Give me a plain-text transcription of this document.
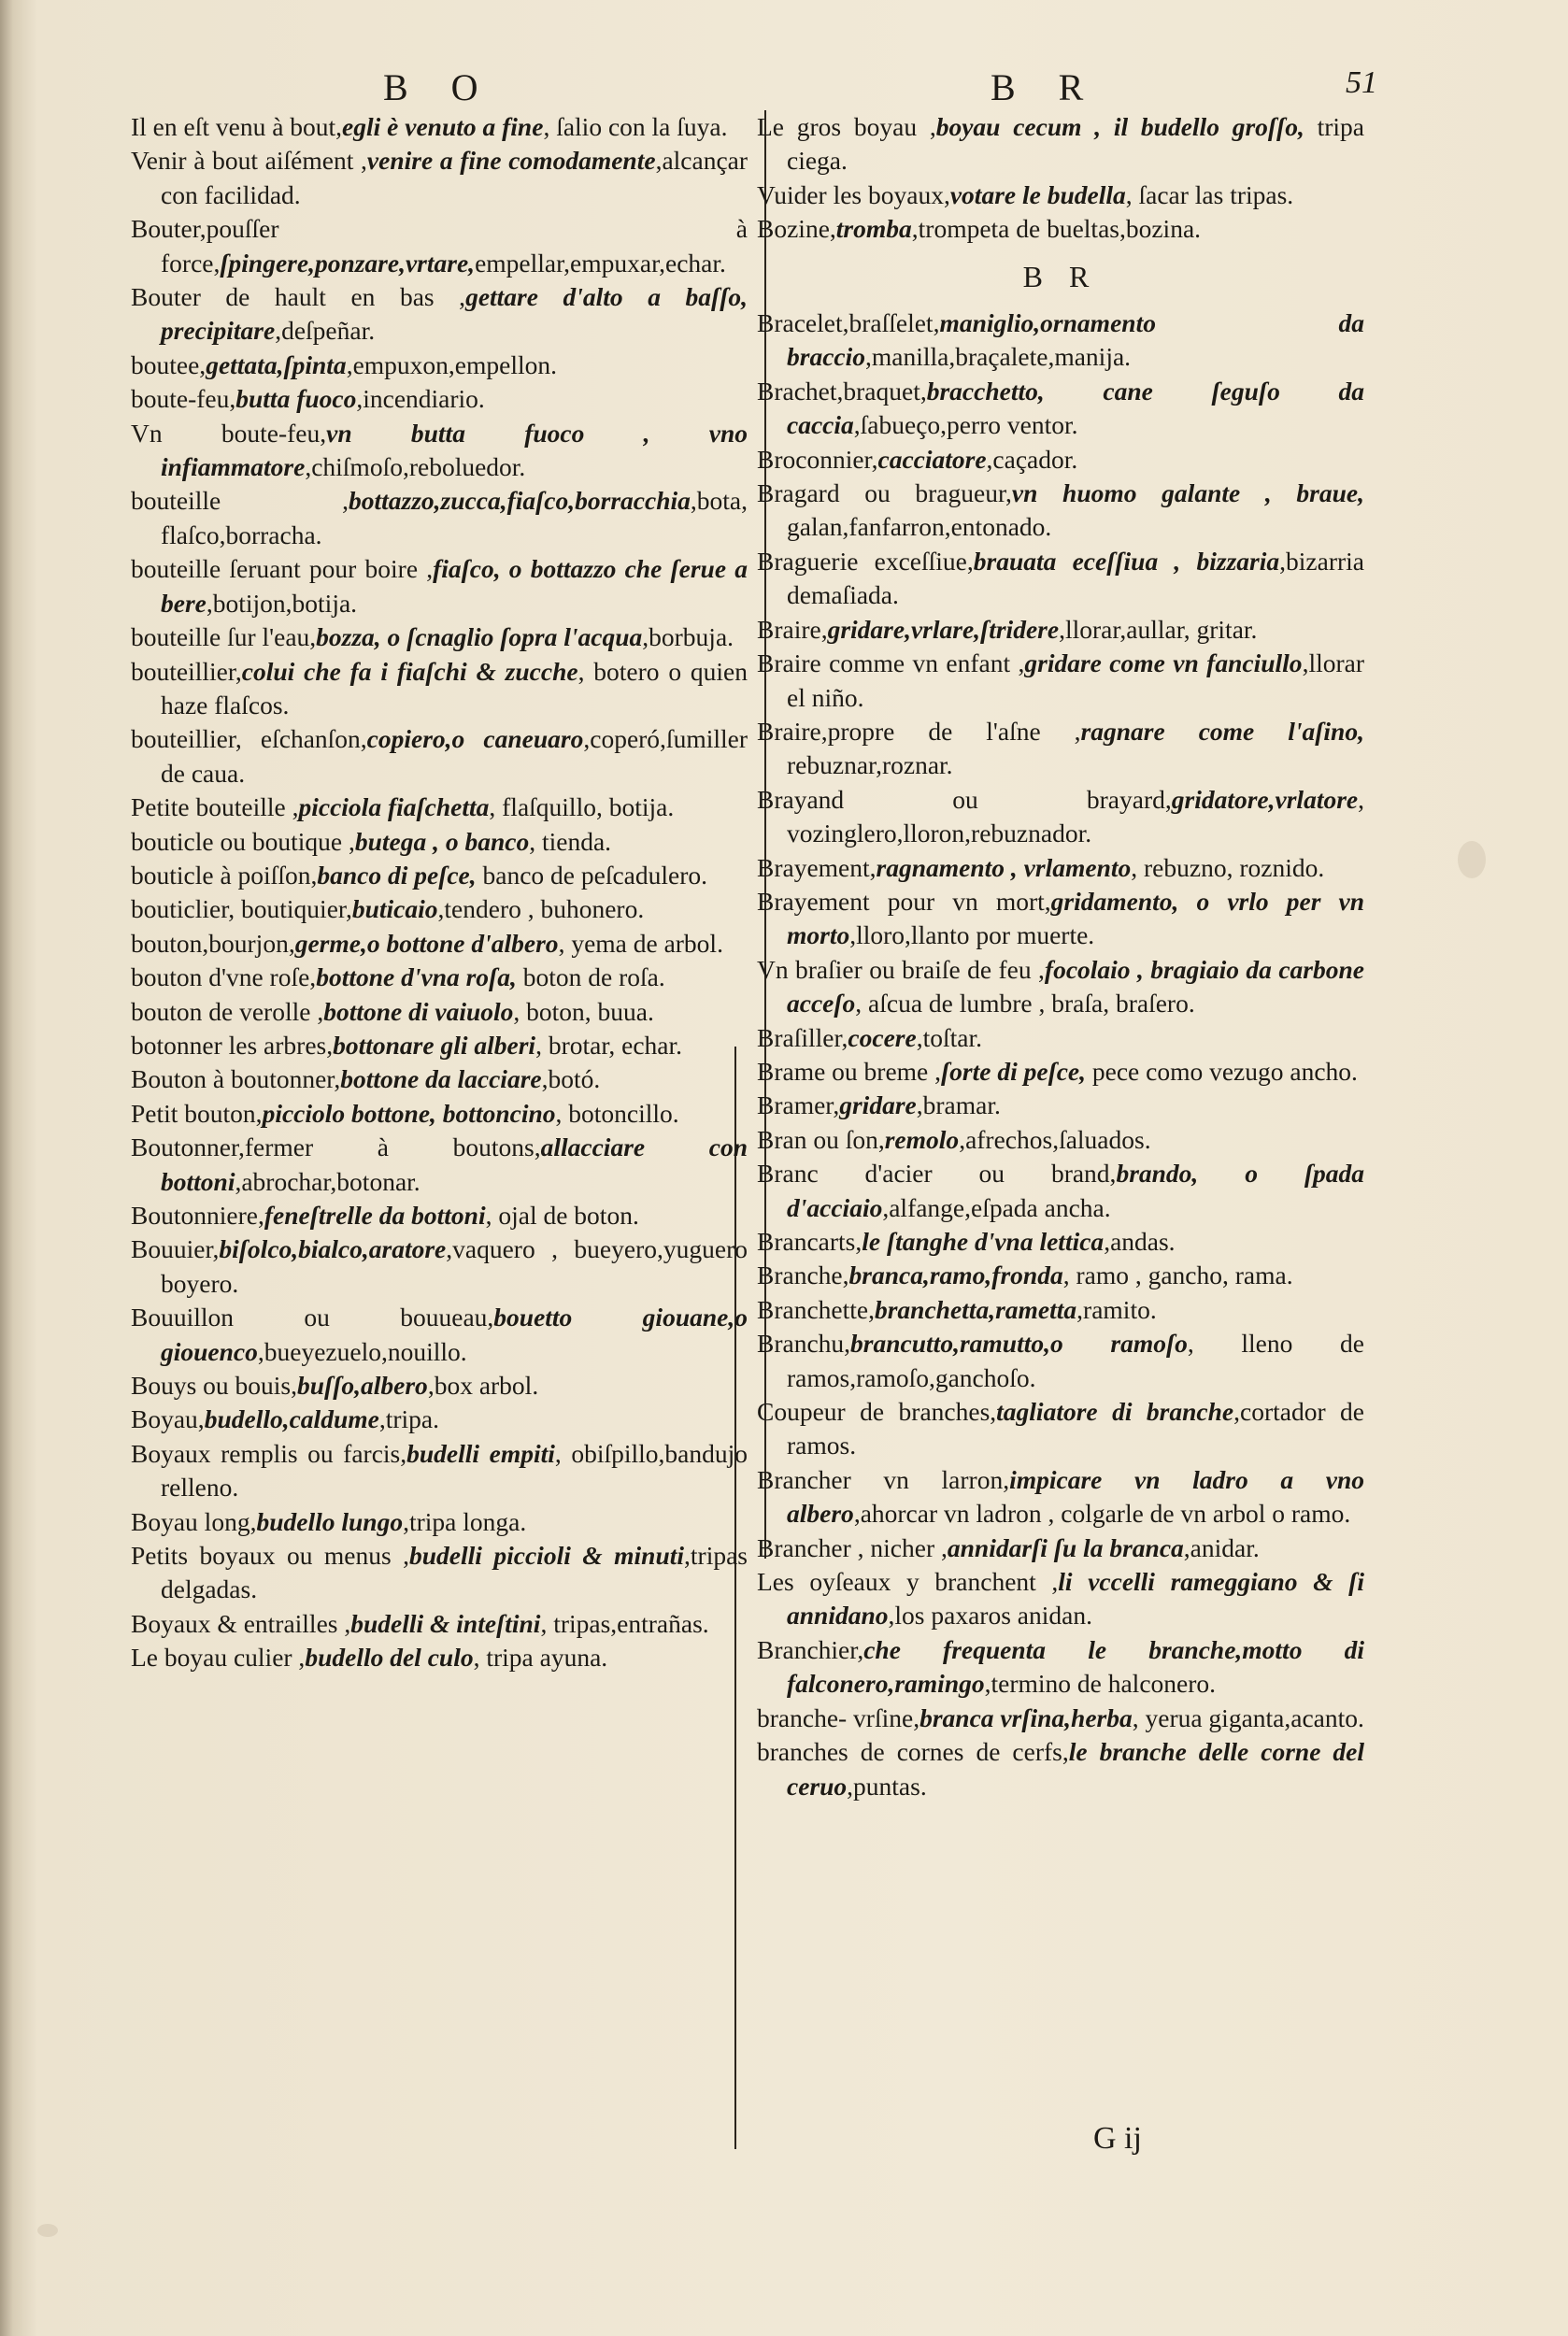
B O	B R	51

Il en eſt venu à bout,egli è venuto a fine, ſalio con la ſuya.

Venir à bout aiſément ,venire a fine comodamente,alcançar con facilidad.

Bouter,pouſſer à force,ſpingere,ponzare,vrtare,empellar,empuxar,echar.

Bouter de hault en bas ,gettare d'alto a baſſo, precipitare,deſpeñar.

boutee,gettata,ſpinta,empuxon,empellon.

boute-feu,butta fuoco,incendiario.

Vn boute-feu,vn butta fuoco , vno infiammatore,chiſmoſo,reboluedor.

bouteille ,bottazzo,zucca,fiaſco,borracchia,bota, flaſco,borracha.

bouteille ſeruant pour boire ,fiaſco, o bottazzo che ſerue a bere,botijon,botija.

bouteille ſur l'eau,bozza, o ſcnaglio ſopra l'acqua,borbuja.

bouteillier,colui che fa i fiaſchi & zucche, botero o quien haze flaſcos.

bouteillier, eſchanſon,copiero,o caneuaro,coperó,ſumiller de caua.

Petite bouteille ,picciola fiaſchetta, flaſquillo, botija.

bouticle ou boutique ,butega , o banco, tienda.

bouticle à poiſſon,banco di peſce, banco de peſcadulero.

bouticlier, boutiquier,buticaio,tendero , buhonero.

bouton,bourjon,germe,o bottone d'albero, yema de arbol.

bouton d'vne roſe,bottone d'vna roſa, boton de roſa.

bouton de verolle ,bottone di vaiuolo, boton, buua.

botonner les arbres,bottonare gli alberi, brotar, echar.

Bouton à boutonner,bottone da lacciare,botó.

Petit bouton,picciolo bottone, bottoncino, botoncillo.

Boutonner,fermer à boutons,allacciare con bottoni,abrochar,botonar.

Boutonniere,feneſtrelle da bottoni, ojal de boton.

Bouuier,biſolco,bialco,aratore,vaquero , bueyero,yuguero boyero.

Bouuillon ou bouueau,bouetto giouane,o giouenco,bueyezuelo,nouillo.

Bouys ou bouis,buſſo,albero,box arbol.

Boyau,budello,caldume,tripa.

Boyaux remplis ou farcis,budelli empiti, obiſpillo,bandujo relleno.

Boyau long,budello lungo,tripa longa.

Petits boyaux ou menus ,budelli piccioli & minuti,tripas delgadas.

Boyaux & entrailles ,budelli & inteſtini, tripas,entrañas.

Le boyau culier ,budello del culo, tripa ayuna.

Le gros boyau ,boyau cecum , il budello groſſo, tripa ciega.

Vuider les boyaux,votare le budella, ſacar las tripas.

Bozine,tromba,trompeta de bueltas,bozina.

B R

Bracelet,braſſelet,maniglio,ornamento da braccio,manilla,braçalete,manija.

Brachet,braquet,bracchetto, cane ſeguſo da caccia,ſabueço,perro ventor.

Broconnier,cacciatore,caçador.

Bragard ou bragueur,vn huomo galante , braue, galan,fanfarron,entonado.

Braguerie exceſſiue,brauata eceſſiua , bizzaria,bizarria demaſiada.

Braire,gridare,vrlare,ſtridere,llorar,aullar, gritar.

Braire comme vn enfant ,gridare come vn fanciullo,llorar el niño.

Braire,propre de l'aſne ,ragnare come l'aſino, rebuznar,roznar.

Brayand ou brayard,gridatore,vrlatore, vozinglero,lloron,rebuznador.

Brayement,ragnamento , vrlamento, rebuzno, roznido.

Brayement pour vn mort,gridamento, o vrlo per vn morto,lloro,llanto por muerte.

Vn braſier ou braiſe de feu ,focolaio , bragiaio da carbone acceſo, aſcua de lumbre , braſa, braſero.

Braſiller,cocere,toſtar.

Brame ou breme ,ſorte di peſce, pece como vezugo ancho.

Bramer,gridare,bramar.

Bran ou ſon,remolo,afrechos,ſaluados.

Branc d'acier ou brand,brando, o ſpada d'acciaio,alfange,eſpada ancha.

Brancarts,le ſtanghe d'vna lettica,andas.

Branche,branca,ramo,fronda, ramo , gancho, rama.

Branchette,branchetta,rametta,ramito.

Branchu,brancutto,ramutto,o ramoſo, lleno de ramos,ramoſo,ganchoſo.

Coupeur de branches,tagliatore di branche,cortador de ramos.

Brancher vn larron,impicare vn ladro a vno albero,ahorcar vn ladron , colgarle de vn arbol o ramo.

Brancher , nicher ,annidarſi ſu la branca,anidar.

Les oyſeaux y branchent ,li vccelli rameggiano & ſi annidano,los paxaros anidan.

Branchier,che frequenta le branche,motto di falconero,ramingo,termino de halconero.

branche- vrſine,branca vrſina,herba, yerua giganta,acanto.

branches de cornes de cerfs,le branche delle corne del ceruo,puntas.

G ij
